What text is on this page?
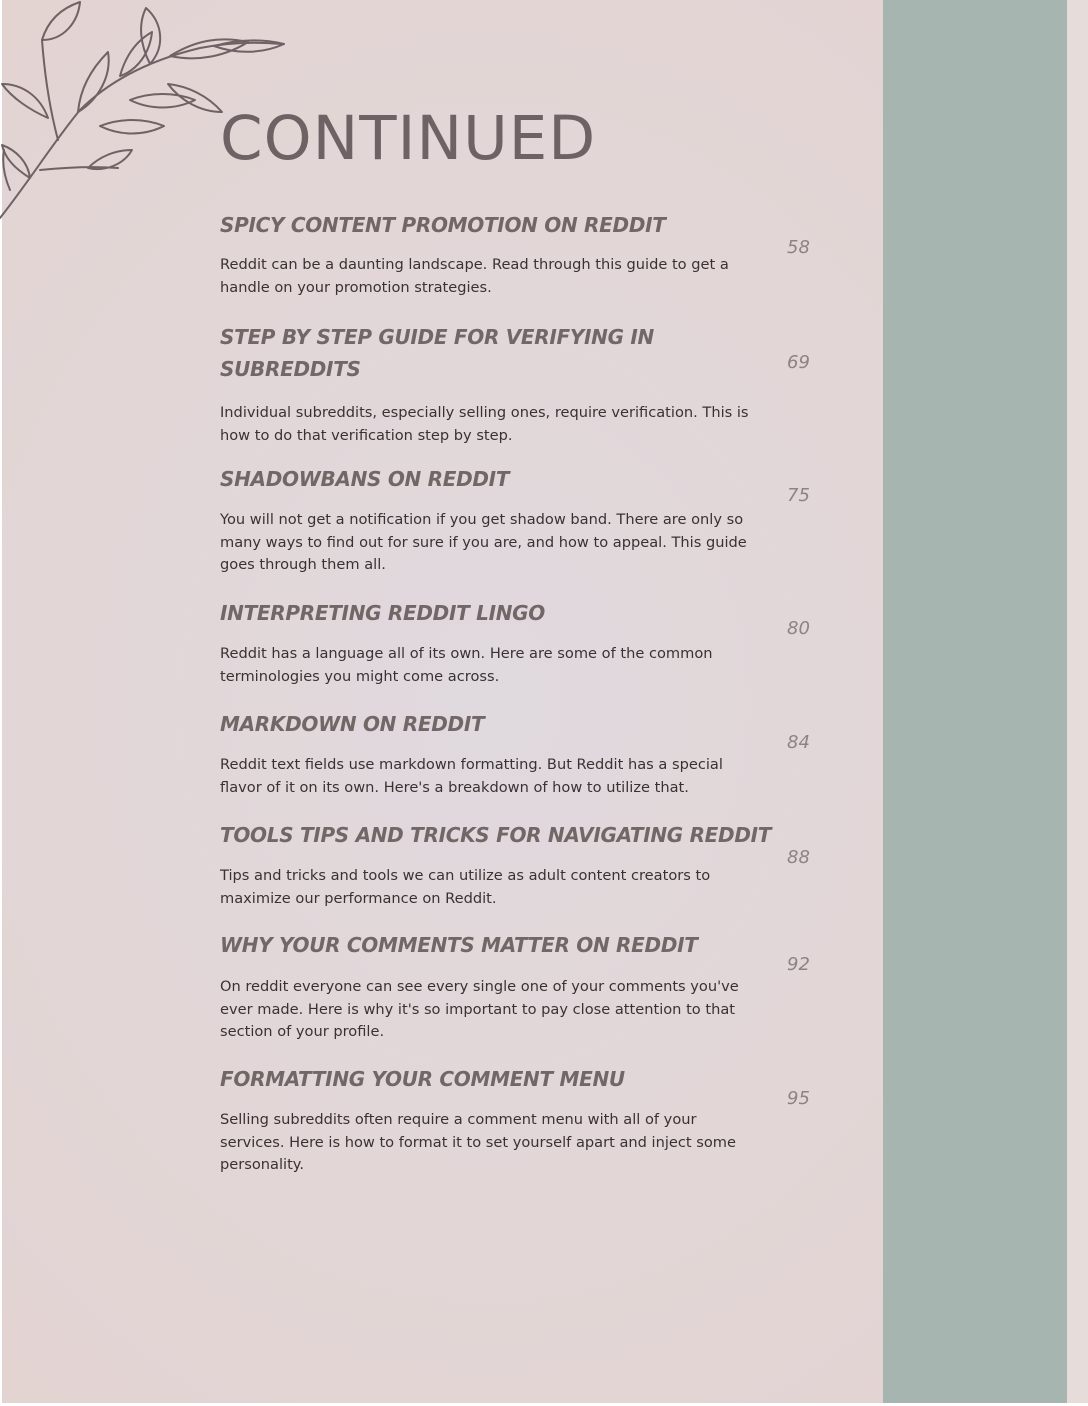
CONTINUED
SPICY CONTENT PROMOTION ON REDDIT

Reddit can be a daunting landscape. Read through this guide to get a handle on your promotion strategies.

58
STEP BY STEP GUIDE FOR VERIFYING IN SUBREDDITS

Individual subreddits, especially selling ones, require verification. This is how to do that verification step by step.

69
SHADOWBANS ON REDDIT

You will not get a notification if you get shadow band. There are only so many ways to find out for sure if you are, and how to appeal. This guide goes through them all.

75
INTERPRETING REDDIT LINGO

Reddit has a language all of its own. Here are some of the common terminologies you might come across.

80
MARKDOWN ON REDDIT

Reddit text fields use markdown formatting. But Reddit has a special flavor of it on its own. Here's a breakdown of how to utilize that.

84
TOOLS TIPS AND TRICKS FOR NAVIGATING REDDIT

Tips and tricks and tools we can utilize as adult content creators to maximize our performance on Reddit.

88
WHY YOUR COMMENTS MATTER ON REDDIT

On reddit everyone can see every single one of your comments you've ever made. Here is why it's so important to pay close attention to that section of your profile.

92
FORMATTING YOUR COMMENT MENU

Selling subreddits often require a comment menu with all of your services. Here is how to format it to set yourself apart and inject some personality.

95
